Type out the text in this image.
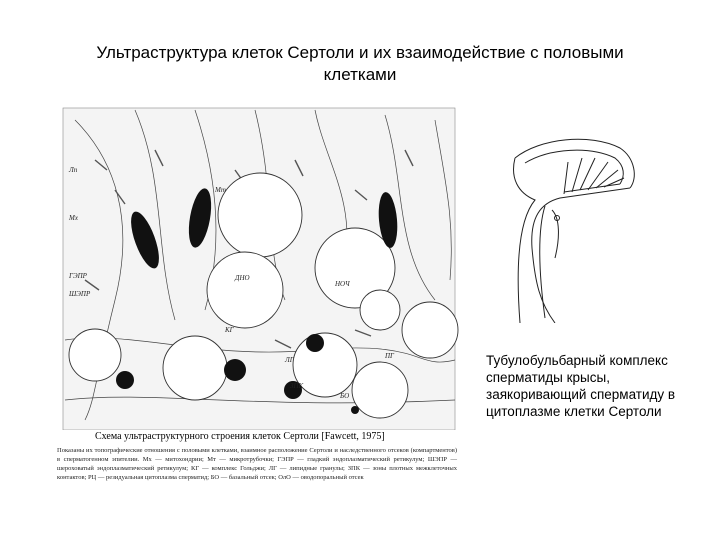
Ультраструктура клеток Сертоли и их взаимодействие с половыми клетками
Лп
Мх
Мт
ГЭПР
ШЭПР
ДНО
КГ
ЛГ
ЗПК
БО
НОЧ
ПГ
Схема ультраструктурного строения клеток Сертоли [Fawcett, 1975]
Показаны их топографические отношения с половыми клетками, взаимное расположение Сертоли и наследственного отсеков (компартментов) в сперматогенном эпителии. Мх — митохондрии; Мт — микротрубочки; ГЭПР — гладкий эндоплазматический ретикулум; ШЭПР — шероховатый эндоплазматический ретикулум; КГ — комплекс Гольджи; ЛГ — липидные гранулы; ЗПК — зоны плотных межклеточных контактов; РЦ — резидуальная цитоплазма сперматид; БО — базальный отсек; ОлО — оводопоральный отсек
Тубулобульбарный комплекс сперматиды крысы, заякоривающий сперматиду в цитоплазме клетки Сертоли
